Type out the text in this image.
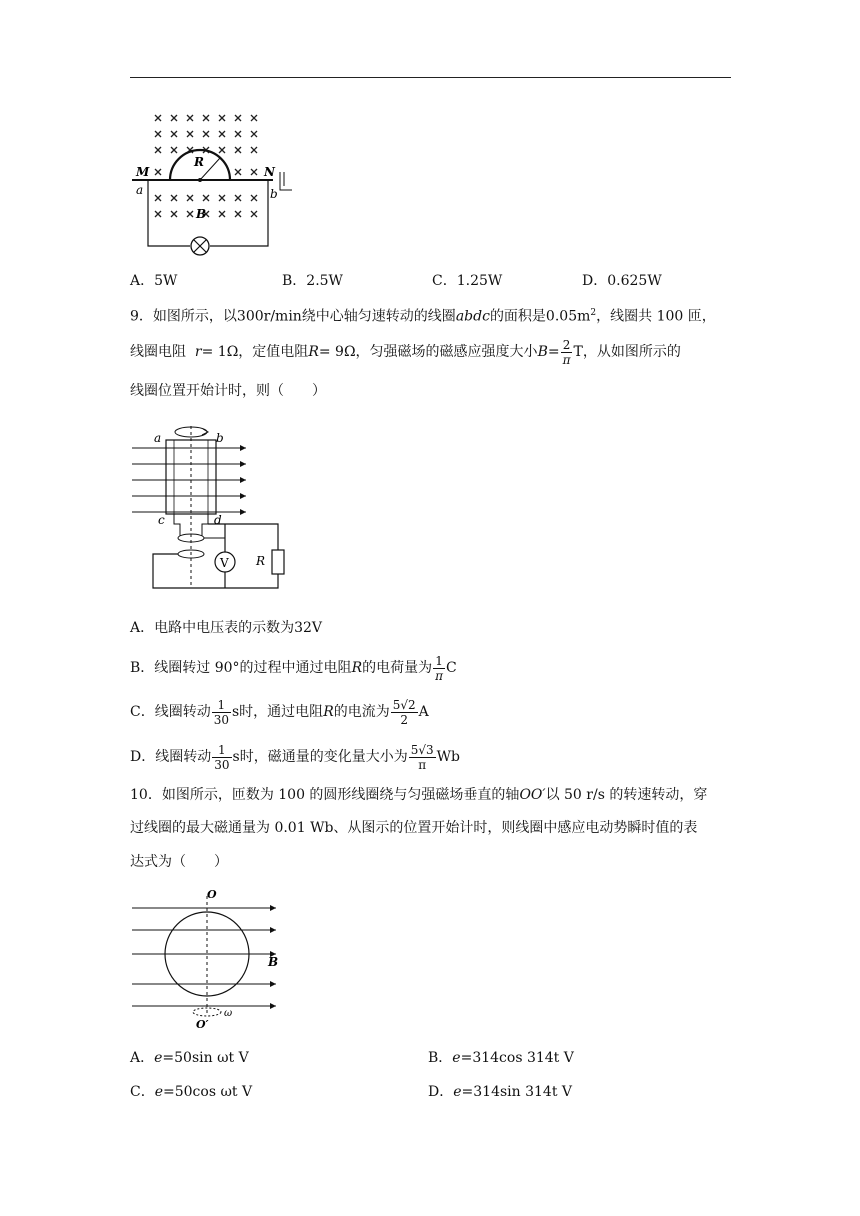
M	N
a	b
R
B
A．5W	B．2.5W	C．1.25W	D．0.625W
9．如图所示，以300r/min绕中心轴匀速转动的线圈abdc的面积是$0.05m^2$，线圈共 100 匝，
线圈电阻 r= 1Ω，定值电阻R= 9Ω，匀强磁场的磁感应强度大小$B= \frac{2}{\pi}$ T，从如图所示的
线圈位置开始计时，则（　　）
V R
a	b
c	d
A．电路中电压表的示数为32V
B．线圈转过 90°的过程中通过电阻R的电荷量为 $\frac{1}{\pi}$ C
C．线圈转动 $\frac{1}{30}$ s时，通过电阻R的电流为 $\frac{5√2}{2}$ A
D．线圈转动 $\frac{1}{30}$ s时，磁通量的变化量大小为 $\frac{5√3}{\pi}$ Wb
10．如图所示，匝数为 100 的圆形线圈绕与匀强磁场垂直的轴OO′以 50 r/s 的转速转动，穿
过线圈的最大磁通量为 0.01 Wb、从图示的位置开始计时，则线圈中感应电动势瞬时值的表
达式为（　　）
O
O′
ω
B
A．e=50sin ωt V	B．e=314cos 314t V
C．e=50cos ωt V	D．e=314sin 314t V
